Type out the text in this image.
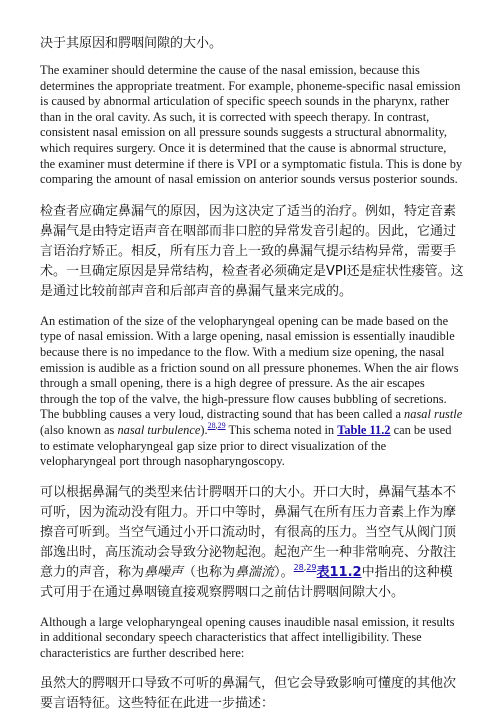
决于其原因和腭咽间隙的大小。

The examiner should determine the cause of the nasal emission, because this determines the appropriate treatment. For example, phoneme-specific nasal emission is caused by abnormal articulation of specific speech sounds in the pharynx, rather than in the oral cavity. As such, it is corrected with speech therapy. In contrast, consistent nasal emission on all pressure sounds suggests a structural abnormality, which requires surgery. Once it is determined that the cause is abnormal structure, the examiner must determine if there is VPI or a symptomatic fistula. This is done by comparing the amount of nasal emission on anterior sounds versus posterior sounds.

检查者应确定鼻漏气的原因，因为这决定了适当的治疗。例如，特定音素鼻漏气是由特定语声音在咽部而非口腔的异常发音引起的。因此，它通过言语治疗矫正。相反，所有压力音上一致的鼻漏气提示结构异常，需要手术。一旦确定原因是异常结构，检查者必须确定是VPI还是症状性瘘管。这是通过比较前部声音和后部声音的鼻漏气量来完成的。

An estimation of the size of the velopharyngeal opening can be made based on the type of nasal emission. With a large opening, nasal emission is essentially inaudible because there is no impedance to the flow. With a medium size opening, the nasal emission is audible as a friction sound on all pressure phonemes. When the air flows through a small opening, there is a high degree of pressure. As the air escapes through the top of the valve, the high-pressure flow causes bubbling of secretions. The bubbling causes a very loud, distracting sound that has been called a nasal rustle (also known as nasal turbulence).$^{28,29}$ This schema noted in Table 11.2 can be used to estimate velopharyngeal gap size prior to direct visualization of the velopharyngeal port through nasopharyngoscopy.

可以根据鼻漏气的类型来估计腭咽开口的大小。开口大时，鼻漏气基本不可听，因为流动没有阻力。开口中等时，鼻漏气在所有压力音素上作为摩擦音可听到。当空气通过小开口流动时，有很高的压力。当空气从阀门顶部逸出时，高压流动会导致分泌物起泡。起泡产生一种非常响亮、分散注意力的声音，称为鼻噪声（也称为鼻湍流）。$^{28,29}$表11.2中指出的这种模式可用于在通过鼻咽镜直接观察腭咽口之前估计腭咽间隙大小。

Although a large velopharyngeal opening causes inaudible nasal emission, it results in additional secondary speech characteristics that affect intelligibility. These characteristics are further described here:

虽然大的腭咽开口导致不可听的鼻漏气，但它会导致影响可懂度的其他次要言语特征。这些特征在此进一步描述：
